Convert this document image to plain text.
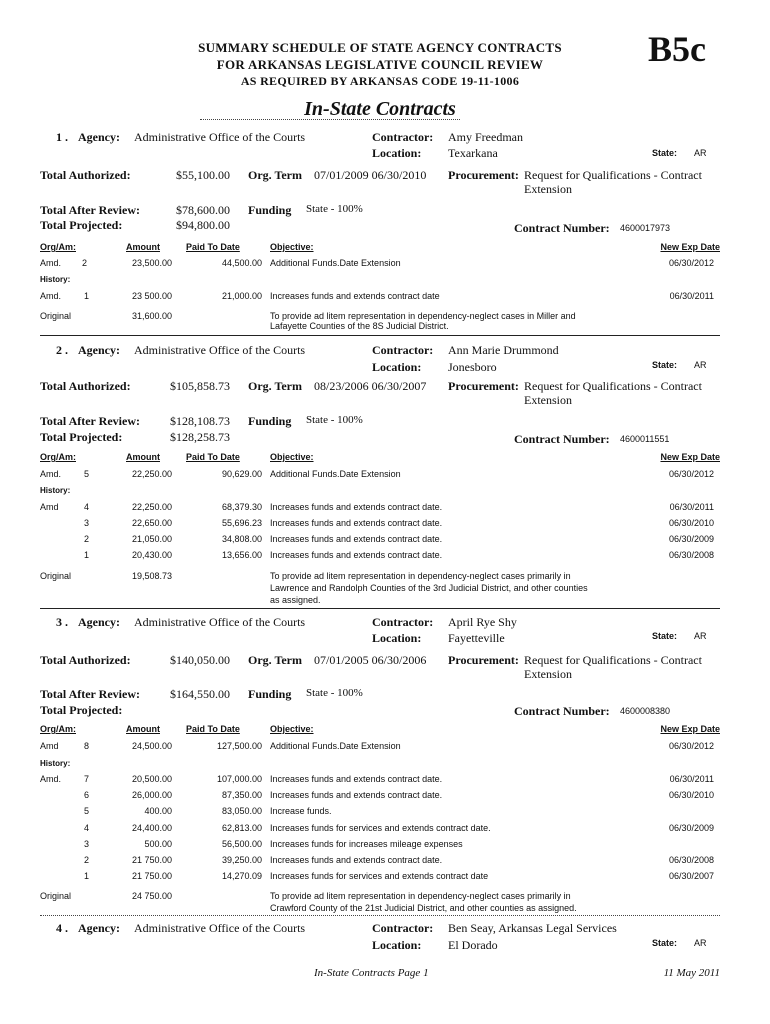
SUMMARY SCHEDULE OF STATE AGENCY CONTRACTS
FOR ARKANSAS LEGISLATIVE COUNCIL REVIEW
AS REQUIRED BY ARKANSAS CODE 19-11-1006
B5c
In-State Contracts
1 . Agency: Administrative Office of the Courts	Contractor: Amy Freedman
Location: Texarkana	State: AR
Total Authorized:	$55,100.00 Org. Term 07/01/2009 06/30/2010 Procurement: Request for Qualifications - Contract
Extension
Total After Review:	$78,600.00 Funding State - 100%
Total Projected:	$94,800.00	Contract Number: 4600017973
Org/Am:	Amount	Paid To Date	Objective:	New Exp Date
Amd. 2	23,500.00	44,500.00 Additional Funds.Date Extension	06/30/2012
History:
Amd.	1	23 500.00	21,000.00 Increases funds and extends contract date	06/30/2011
Original	31,600.00	To provide ad litem representation in dependency-neglect cases in Miller and
Lafayette Counties of the 8S Judicial District.
2 . Agency: Administrative Office of the Courts	Contractor: Ann Marie Drummond
Location: Jonesboro	State: AR
Total Authorized:	$105,858.73 Org. Term 08/23/2006 06/30/2007 Procurement: Request for Qualifications - Contract
Extension
Total After Review:	$128,108.73 Funding State - 100%
Total Projected:	$128,258.73	Contract Number: 4600011551
Org/Am:	Amount	Paid To Date	Objective:	New Exp Date
Amd.	5	22,250.00	90,629.00 Additional Funds.Date Extension	06/30/2012
History:
Amd	4	22,250.00	68,379.30 Increases funds and extends contract date.	06/30/2011
3	22,650.00	55,696.23 Increases funds and extends contract date.	06/30/2010
2	21,050.00	34,808.00 Increases funds and extends contract date.	06/30/2009
1	20,430.00	13,656.00 Increases funds and extends contract date.	06/30/2008
Original	19,508.73	To provide ad litem representation in dependency-neglect cases primarily in
Lawrence and Randolph Counties of the 3rd Judicial District, and other counties
as assigned.
3 . Agency: Administrative Office of the Courts	Contractor: April Rye Shy
Location: Fayetteville	State: AR
Total Authorized:	$140,050.00 Org. Term 07/01/2005 06/30/2006 Procurement: Request for Qualifications - Contract
Extension
Total After Review:	$164,550.00 Funding State - 100%
Total Projected:	Contract Number: 4600008380
Org/Am:	Amount	Paid To Date	Objective:	New Exp Date
Amd	8	24,500.00	127,500.00 Additional Funds.Date Extension	06/30/2012
History:
Amd.	7	20,500.00	107,000.00 Increases funds and extends contract date.	06/30/2011
6	26,000.00	87,350.00 Increases funds and extends contract date.	06/30/2010
5	400.00	83,050.00 Increase funds.
4	24,400.00	62,813.00 Increases funds for services and extends contract date.	06/30/2009
3	500.00	56,500.00 Increases funds for increases mileage expenses
2	21 750.00	39,250.00 Increases funds and extends contract date.	06/30/2008
1	21 750.00	14,270.09 Increases funds for services and extends contract date	06/30/2007
Original	24 750.00	To provide ad litem representation in dependency-neglect cases primarily in
Crawford County of the 21st Judicial District, and other counties as assigned.
4 . Agency: Administrative Office of the Courts	Contractor: Ben Seay, Arkansas Legal Services
Location: El Dorado	State: AR
In-State Contracts Page 1	11 May 2011
